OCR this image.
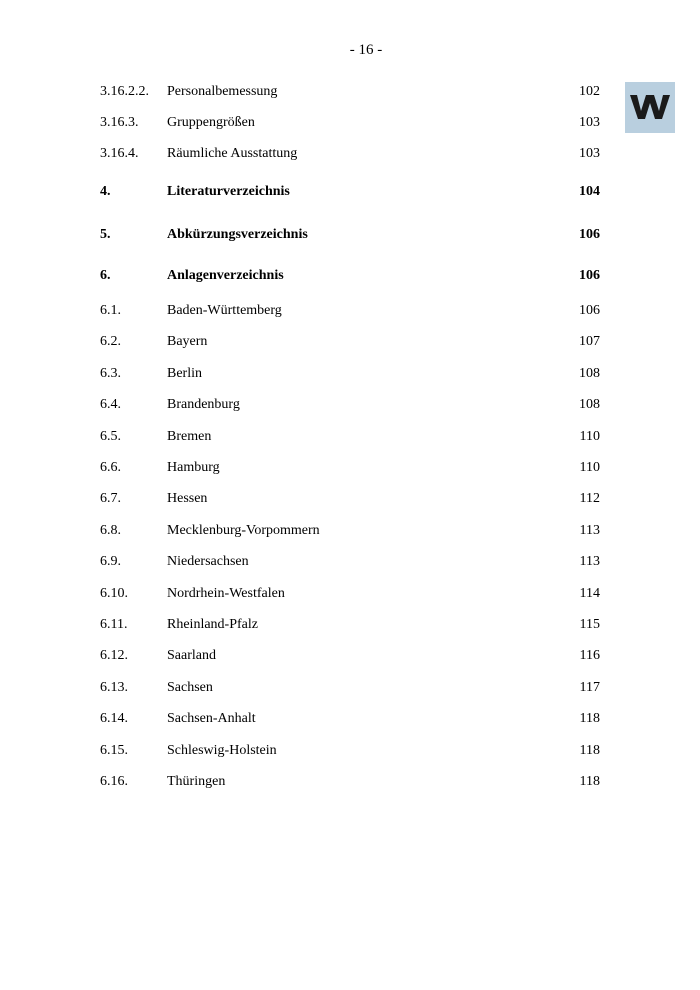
- 16 -
3.16.2.2. Personalbemessung	102
3.16.3. Gruppengrößen	103
3.16.4. Räumliche Ausstattung	103
4.	Literaturverzeichnis	104
5.	Abkürzungsverzeichnis	106
6.	Anlagenverzeichnis	106
6.1.	Baden-Württemberg	106
6.2.	Bayern	107
6.3.	Berlin	108
6.4.	Brandenburg	108
6.5.	Bremen	110
6.6.	Hamburg	110
6.7.	Hessen	112
6.8.	Mecklenburg-Vorpommern	113
6.9.	Niedersachsen	113
6.10.	Nordrhein-Westfalen	114
6.11.	Rheinland-Pfalz	115
6.12.	Saarland	116
6.13.	Sachsen	117
6.14.	Sachsen-Anhalt	118
6.15.	Schleswig-Holstein	118
6.16.	Thüringen	118
